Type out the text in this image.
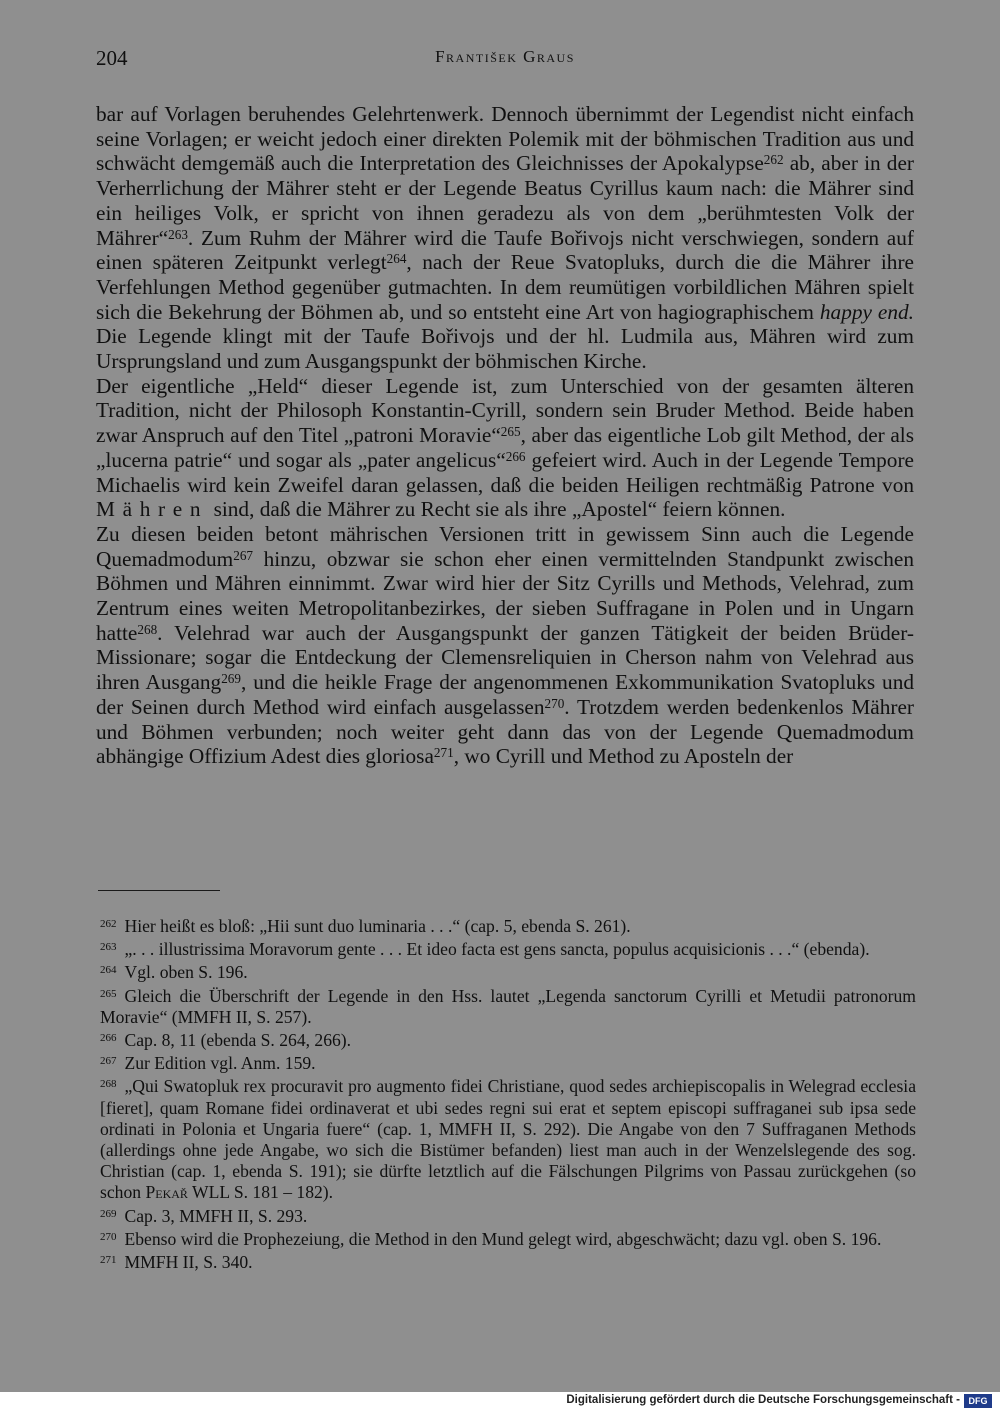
204	František Graus

bar auf Vorlagen beruhendes Gelehrtenwerk. Dennoch übernimmt der Legendist nicht einfach seine Vorlagen; er weicht jedoch einer direkten Polemik mit der böhmischen Tradition aus und schwächt demgemäß auch die Interpretation des Gleichnisses der Apokalypse$^{262}$ ab, aber in der Verherrlichung der Mährer steht er der Legende Beatus Cyrillus kaum nach: die Mährer sind ein heiliges Volk, er spricht von ihnen geradezu als von dem „berühmtesten Volk der Mährer“$^{263}$. Zum Ruhm der Mährer wird die Taufe Bořivojs nicht verschwiegen, sondern auf einen späteren Zeitpunkt verlegt$^{264}$, nach der Reue Svatopluks, durch die die Mährer ihre Verfehlungen Method gegenüber gutmachten. In dem reumütigen vorbildlichen Mähren spielt sich die Bekehrung der Böhmen ab, und so entsteht eine Art von hagiographischem happy end. Die Legende klingt mit der Taufe Bořivojs und der hl. Ludmila aus, Mähren wird zum Ursprungsland und zum Ausgangspunkt der böhmischen Kirche.

Der eigentliche „Held“ dieser Legende ist, zum Unterschied von der gesamten älteren Tradition, nicht der Philosoph Konstantin-Cyrill, sondern sein Bruder Method. Beide haben zwar Anspruch auf den Titel „patroni Moravie“$^{265}$, aber das eigentliche Lob gilt Method, der als „lucerna patrie“ und sogar als „pater angelicus“$^{266}$ gefeiert wird. Auch in der Legende Tempore Michaelis wird kein Zweifel daran gelassen, daß die beiden Heiligen rechtmäßig Patrone von Mähren sind, daß die Mährer zu Recht sie als ihre „Apostel“ feiern können.

Zu diesen beiden betont mährischen Versionen tritt in gewissem Sinn auch die Legende Quemadmodum$^{267}$ hinzu, obzwar sie schon eher einen vermittelnden Standpunkt zwischen Böhmen und Mähren einnimmt. Zwar wird hier der Sitz Cyrills und Methods, Velehrad, zum Zentrum eines weiten Metropolitanbezirkes, der sieben Suffragane in Polen und in Ungarn hatte$^{268}$. Velehrad war auch der Ausgangspunkt der ganzen Tätigkeit der beiden Brüder-Missionare; sogar die Entdeckung der Clemensreliquien in Cherson nahm von Velehrad aus ihren Ausgang$^{269}$, und die heikle Frage der angenommenen Exkommunikation Svatopluks und der Seinen durch Method wird einfach ausgelassen$^{270}$. Trotzdem werden bedenkenlos Mährer und Böhmen verbunden; noch weiter geht dann das von der Legende Quemadmodum abhängige Offizium Adest dies gloriosa$^{271}$, wo Cyrill und Method zu Aposteln der

$^{262}$ Hier heißt es bloß: „Hii sunt duo luminaria . . .“ (cap. 5, ebenda S. 261).

$^{263}$ „. . . illustrissima Moravorum gente . . . Et ideo facta est gens sancta, populus acquisicionis . . .“ (ebenda).

$^{264}$ Vgl. oben S. 196.

$^{265}$ Gleich die Überschrift der Legende in den Hss. lautet „Legenda sanctorum Cyrilli et Metudii patronorum Moravie“ (MMFH II, S. 257).

$^{266}$ Cap. 8, 11 (ebenda S. 264, 266).

$^{267}$ Zur Edition vgl. Anm. 159.

$^{268}$ „Qui Swatopluk rex procuravit pro augmento fidei Christiane, quod sedes archiepiscopalis in Welegrad ecclesia [fieret], quam Romane fidei ordinaverat et ubi sedes regni sui erat et septem episcopi suffraganei sub ipsa sede ordinati in Polonia et Ungaria fuere“ (cap. 1, MMFH II, S. 292). Die Angabe von den 7 Suffraganen Methods (allerdings ohne jede Angabe, wo sich die Bistümer befanden) liest man auch in der Wenzelslegende des sog. Christian (cap. 1, ebenda S. 191); sie dürfte letztlich auf die Fälschungen Pilgrims von Passau zurückgehen (so schon Pekař WLL S. 181 – 182).

$^{269}$ Cap. 3, MMFH II, S. 293.

$^{270}$ Ebenso wird die Prophezeiung, die Method in den Mund gelegt wird, abgeschwächt; dazu vgl. oben S. 196.

$^{271}$ MMFH II, S. 340.

Digitalisierung gefördert durch die Deutsche Forschungsgemeinschaft - DFG
